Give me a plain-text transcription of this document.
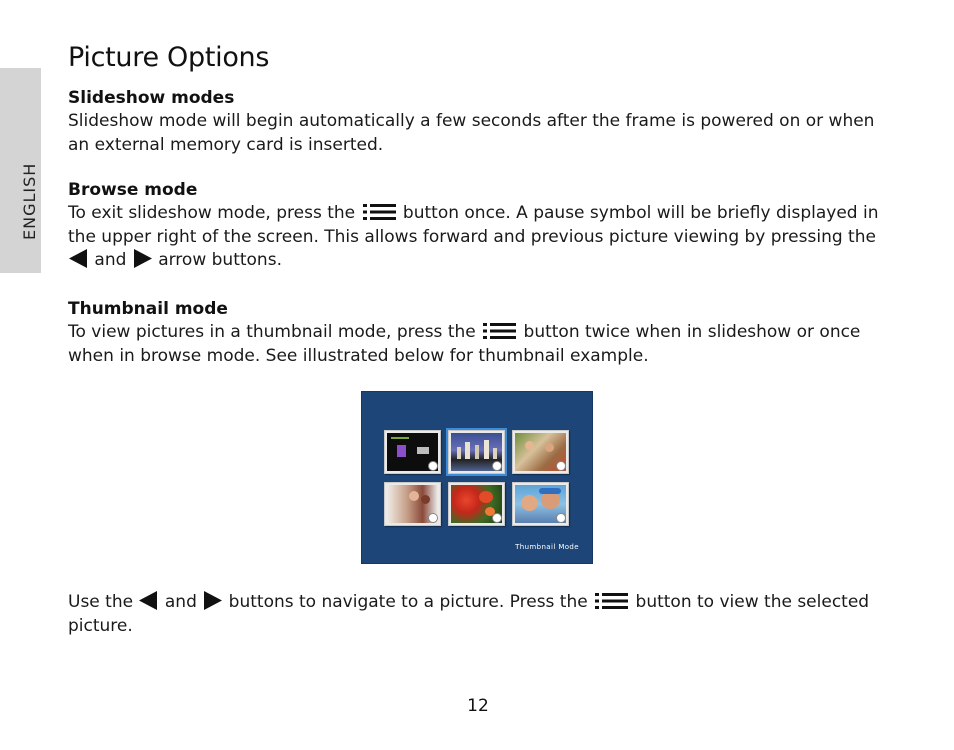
ENGLISH
Picture Options
Slideshow modes

Slideshow mode will begin automatically a few seconds after the frame is powered on or when an external memory card is inserted.

Browse mode

To exit slideshow mode, press the	button once. A pause symbol will be briefly displayed in the upper right of the screen. This allows forward and previous picture viewing by pressing the  and arrow buttons.

Thumbnail mode

To view pictures in a thumbnail mode, press the	button twice when in slideshow or once when in browse mode. See illustrated below for thumbnail example.

Thumbnail Mode

Use the and buttons to navigate to a picture. Press the	button to view the selected picture.

12
